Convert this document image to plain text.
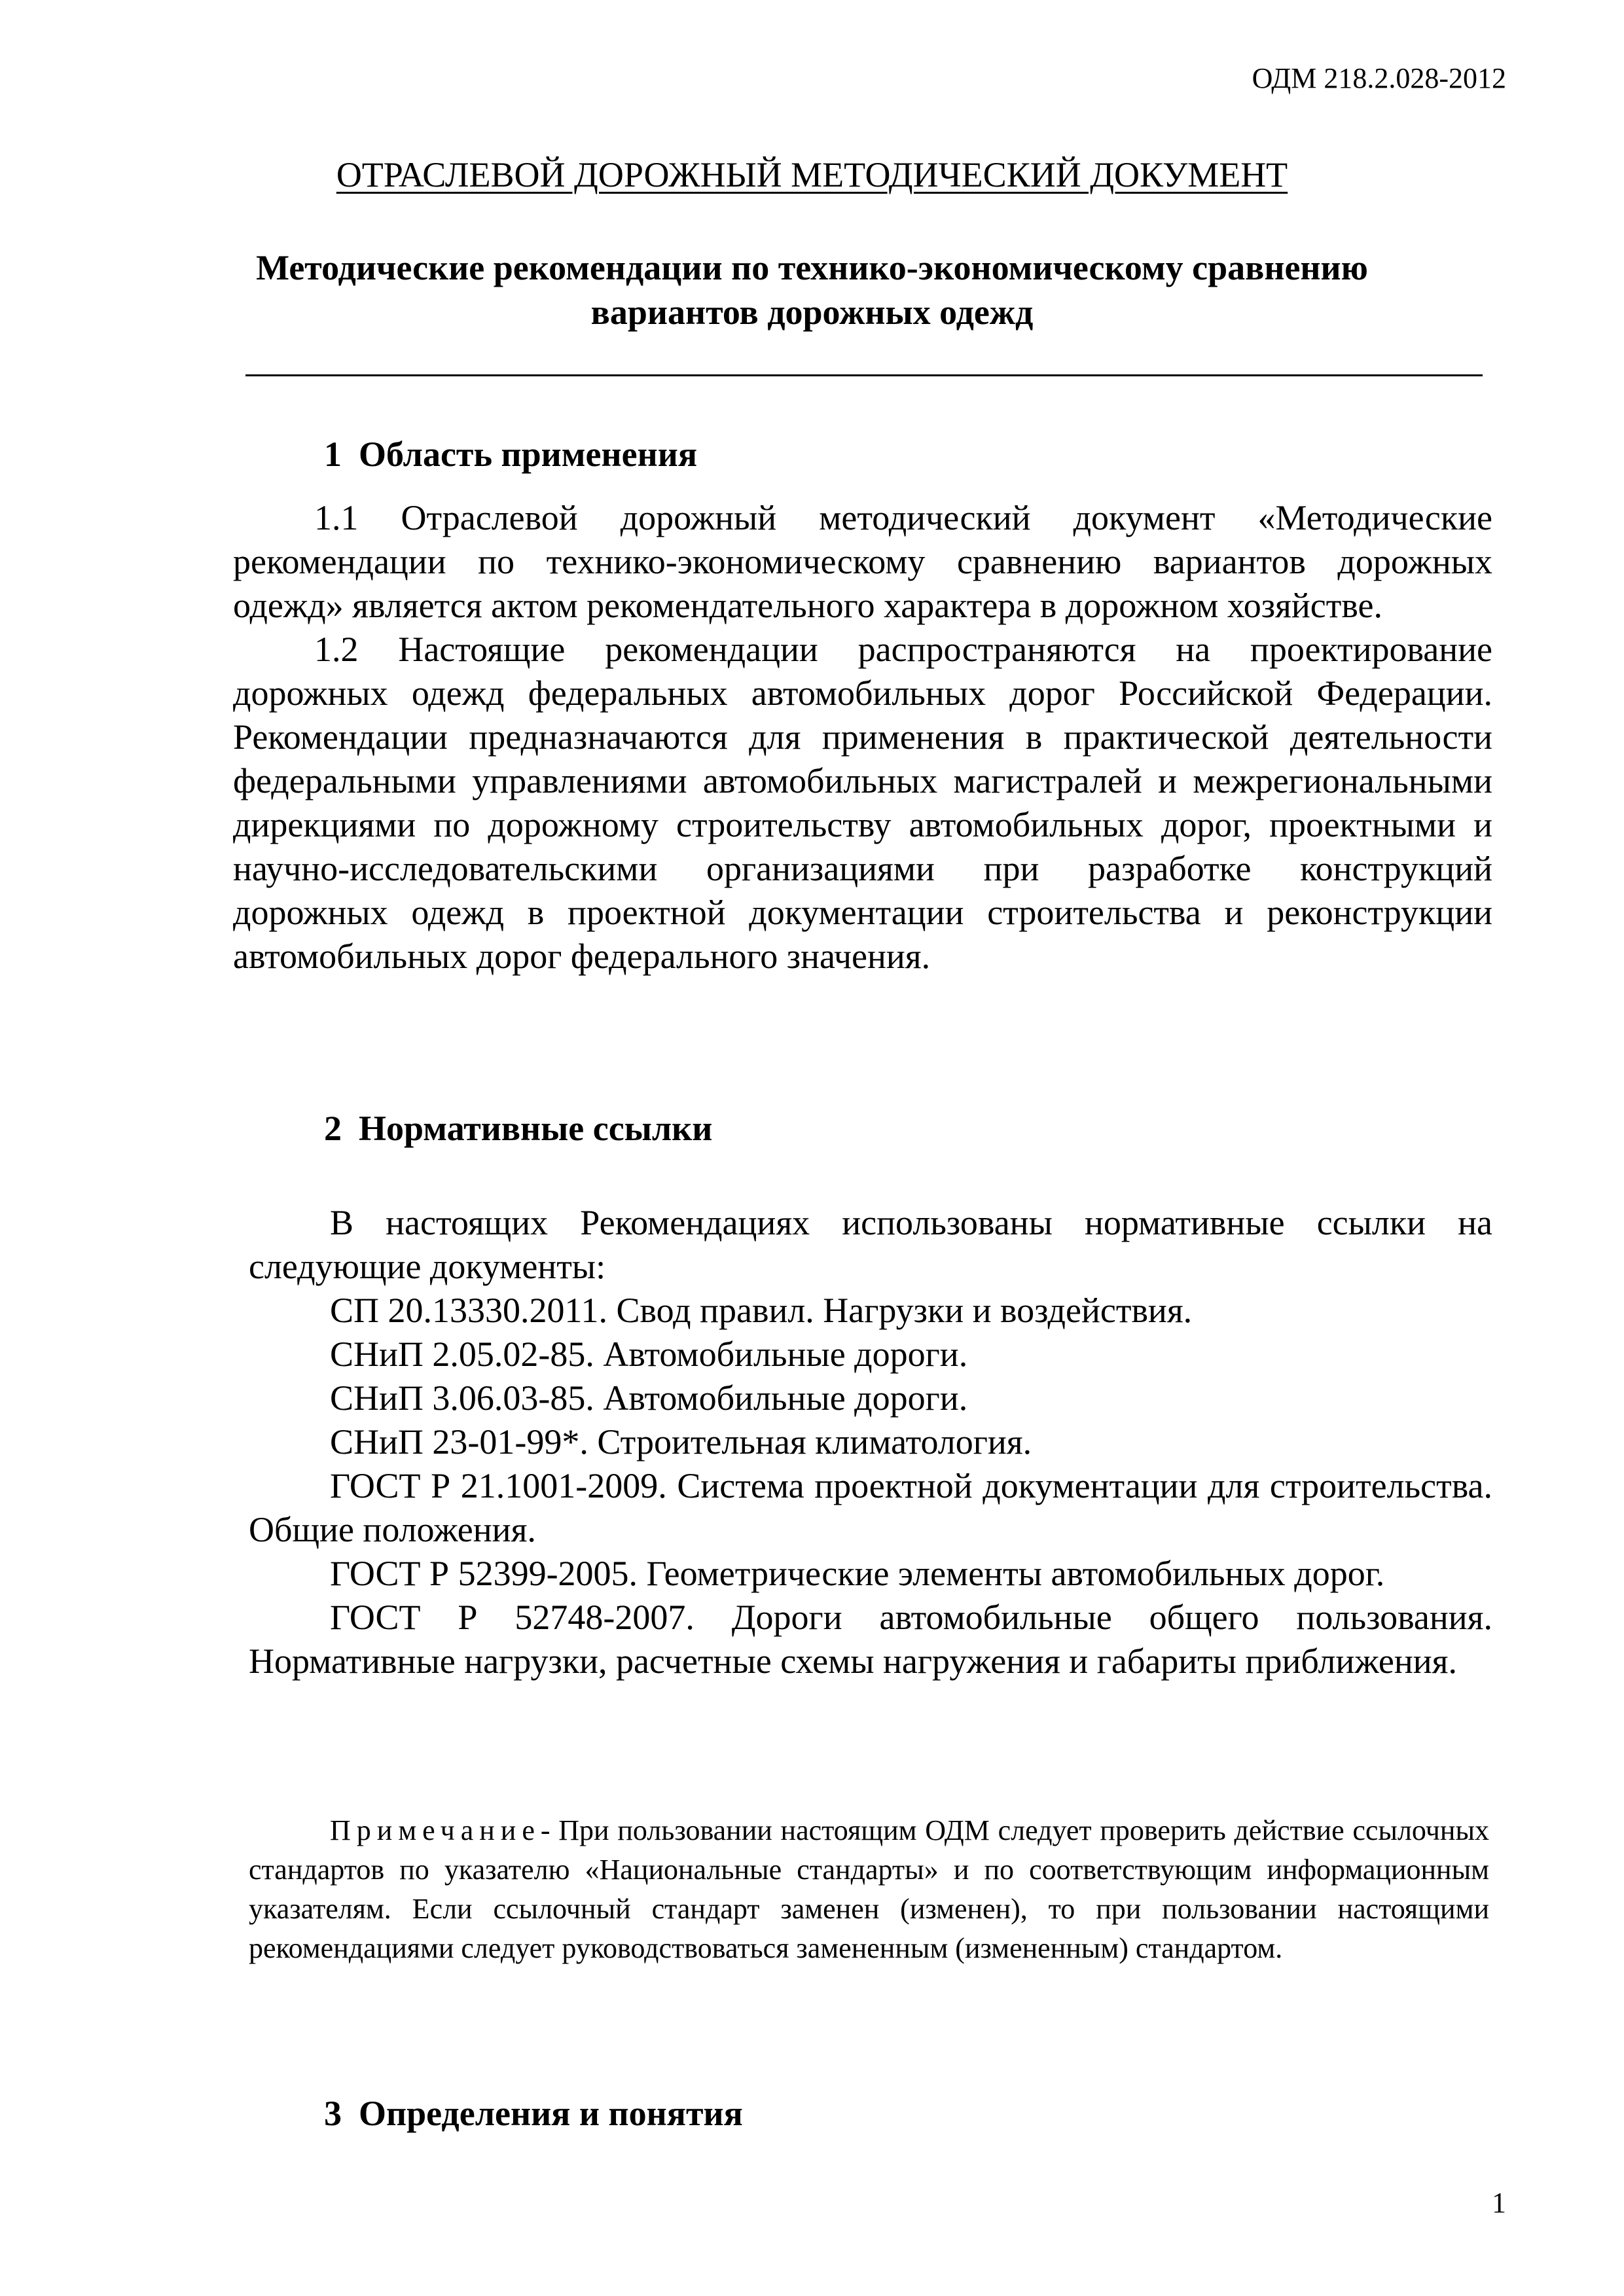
ОДМ 218.2.028-2012
ОТРАСЛЕВОЙ ДОРОЖНЫЙ МЕТОДИЧЕСКИЙ ДОКУМЕНТ
Методические рекомендации по технико-экономическому сравнению
вариантов дорожных одежд
1 Область применения

1.1 Отраслевой дорожный методический документ «Методические рекомендации по технико-экономическому сравнению вариантов дорожных одежд» является актом рекомендательного характера в дорожном хозяйстве.

1.2 Настоящие рекомендации распространяются на проектирование дорожных одежд федеральных автомобильных дорог Российской Федерации. Рекомендации предназначаются для применения в практической деятельности федеральными управлениями автомобильных магистралей и межрегиональными дирекциями по дорожному строительству автомобильных дорог, проектными и научно-исследовательскими организациями при разработке конструкций дорожных одежд в проектной документации строительства и реконструкции автомобильных дорог федерального значения.

2 Нормативные ссылки

В настоящих Рекомендациях использованы нормативные ссылки на следующие документы:

СП 20.13330.2011. Свод правил. Нагрузки и воздействия.

СНиП 2.05.02-85. Автомобильные дороги.

СНиП 3.06.03-85. Автомобильные дороги.

СНиП 23-01-99*. Строительная климатология.

ГОСТ Р 21.1001-2009. Система проектной документации для строительства. Общие положения.

ГОСТ Р 52399-2005. Геометрические элементы автомобильных дорог.

ГОСТ Р 52748-2007. Дороги автомобильные общего пользования. Нормативные нагрузки, расчетные схемы нагружения и габариты приближения.

Примечание- При пользовании настоящим ОДМ следует проверить действие ссылочных стандартов по указателю «Национальные стандарты» и по соответствующим информационным указателям. Если ссылочный стандарт заменен (изменен), то при пользовании настоящими рекомендациями следует руководствоваться замененным (измененным) стандартом.
3 Определения и понятия
1
